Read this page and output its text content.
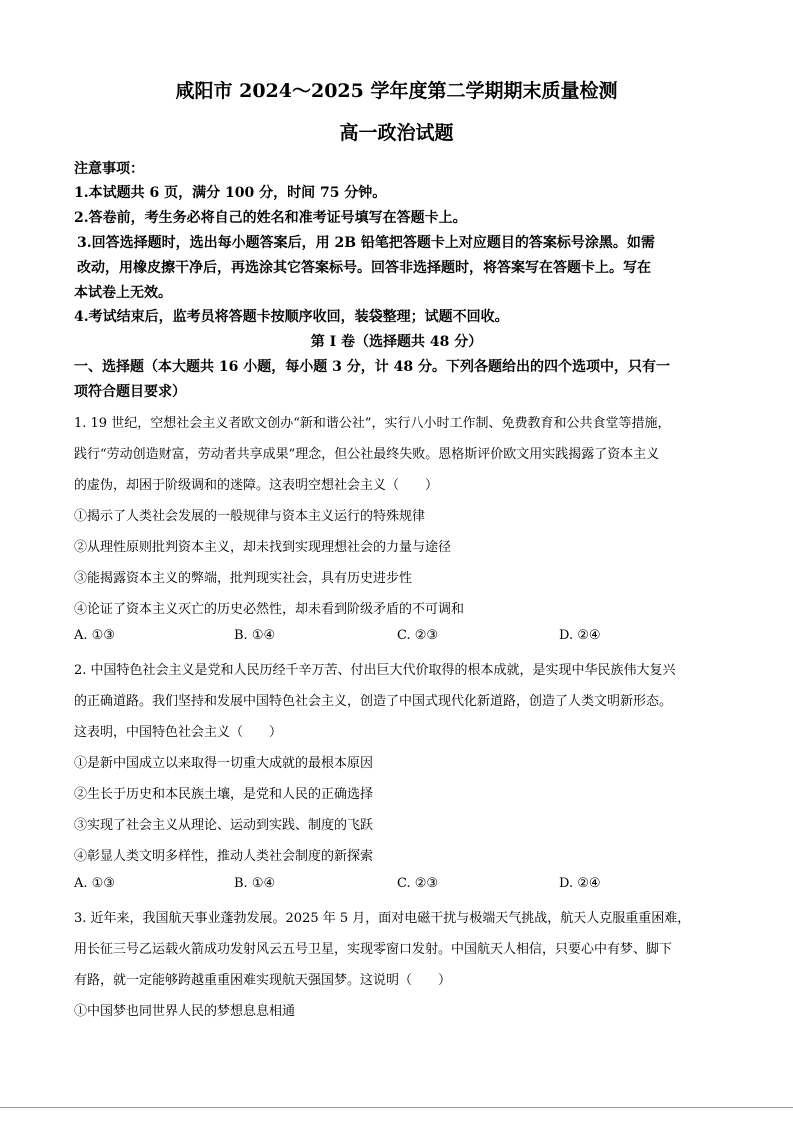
咸阳市 2024～2025 学年度第二学期期末质量检测
高一政治试题
注意事项：
1.本试题共 6 页，满分 100 分，时间 75 分钟。
2.答卷前，考生务必将自己的姓名和准考证号填写在答题卡上。
3.回答选择题时，选出每小题答案后，用 2B 铅笔把答题卡上对应题目的答案标号涂黑。如需
改动，用橡皮擦干净后，再选涂其它答案标号。回答非选择题时，将答案写在答题卡上。写在
本试卷上无效。
4.考试结束后，监考员将答题卡按顺序收回，装袋整理；试题不回收。
第 I 卷（选择题共 48 分）
一、选择题（本大题共 16 小题，每小题 3 分，计 48 分。下列各题给出的四个选项中，只有一
项符合题目要求）
1. 19 世纪，空想社会主义者欧文创办“新和谐公社”，实行八小时工作制、免费教育和公共食堂等措施，
践行“劳动创造财富，劳动者共享成果”理念，但公社最终失败。恩格斯评价欧文用实践揭露了资本主义
的虚伪，却困于阶级调和的迷障。这表明空想社会主义（　　）
①揭示了人类社会发展的一般规律与资本主义运行的特殊规律
②从理性原则批判资本主义，却未找到实现理想社会的力量与途径
③能揭露资本主义的弊端，批判现实社会，具有历史进步性
④论证了资本主义灭亡的历史必然性，却未看到阶级矛盾的不可调和
A. ①③	B. ①④	C. ②③	D. ②④
2. 中国特色社会主义是党和人民历经千辛万苦、付出巨大代价取得的根本成就，是实现中华民族伟大复兴
的正确道路。我们坚持和发展中国特色社会主义，创造了中国式现代化新道路，创造了人类文明新形态。
这表明，中国特色社会主义（　　）
①是新中国成立以来取得一切重大成就的最根本原因
②生长于历史和本民族土壤，是党和人民的正确选择
③实现了社会主义从理论、运动到实践、制度的飞跃
④彰显人类文明多样性，推动人类社会制度的新探索
A. ①③	B. ①④	C. ②③	D. ②④
3. 近年来，我国航天事业蓬勃发展。2025 年 5 月，面对电磁干扰与极端天气挑战，航天人克服重重困难，
用长征三号乙运载火箭成功发射风云五号卫星，实现零窗口发射。中国航天人相信，只要心中有梦、脚下
有路，就一定能够跨越重重困难实现航天强国梦。这说明（　　）
①中国梦也同世界人民的梦想息息相通
